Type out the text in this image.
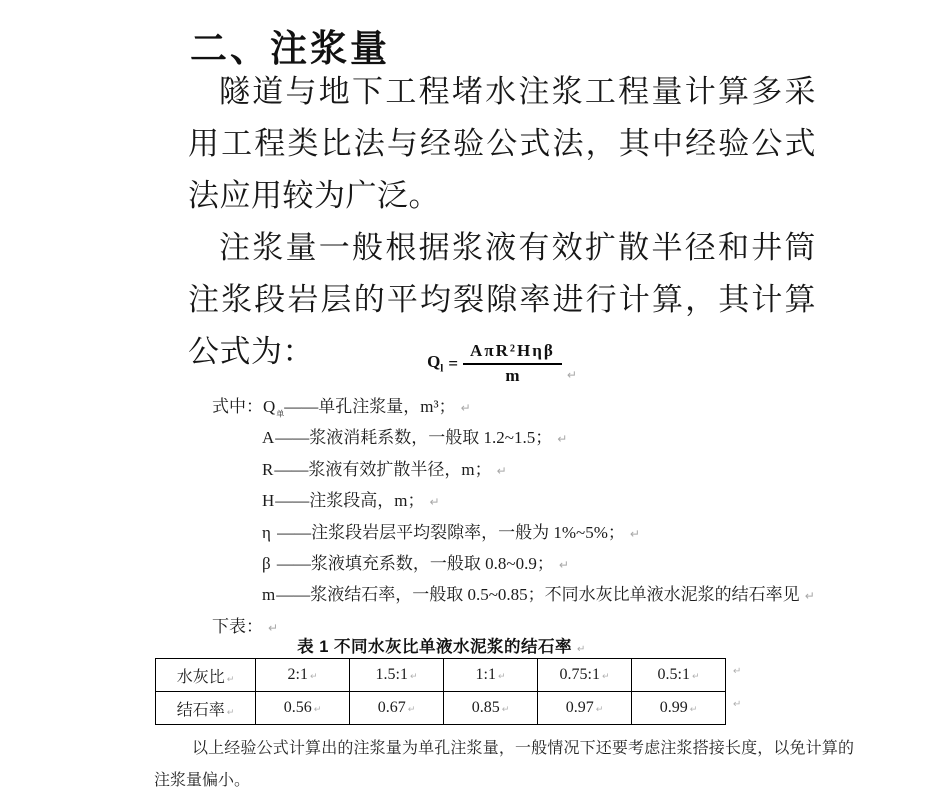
二、注浆量

隧道与地下工程堵水注浆工程量计算多采用工程类比法与经验公式法，其中经验公式法应用较为广泛。

注浆量一般根据浆液有效扩散半径和井筒注浆段岩层的平均裂隙率进行计算，其计算公式为：	$Q_l = \frac{\text{AπR²Hηβ}}{m} _↵$
式中：$Q_单——$单孔注浆量，m³； ↵
A——浆液消耗系数，一般取 1.2~1.5； ↵
R——浆液有效扩散半径，m； ↵
H——注浆段高，m； ↵
η ——注浆段岩层平均裂隙率，一般为 1%~5%； ↵
β ——浆液填充系数，一般取 0.8~0.9； ↵
m——浆液结石率，一般取 0.5~0.85；不同水灰比单液水泥浆的结石率见 ↵
下表： ↵
表 1 不同水灰比单液水泥浆的结石率 ↵
水灰比 ↵	2:1 ↵	1.5:1 ↵	1:1 ↵	0.75:1 ↵	0.5:1 ↵
结石率 ↵	0.56 ↵	0.67 ↵	0.85 ↵	0.97 ↵	0.99 ↵
↵
↵
以上经验公式计算出的注浆量为单孔注浆量，一般情况下还要考虑注浆搭接长度，以免计算的注浆量偏小。
